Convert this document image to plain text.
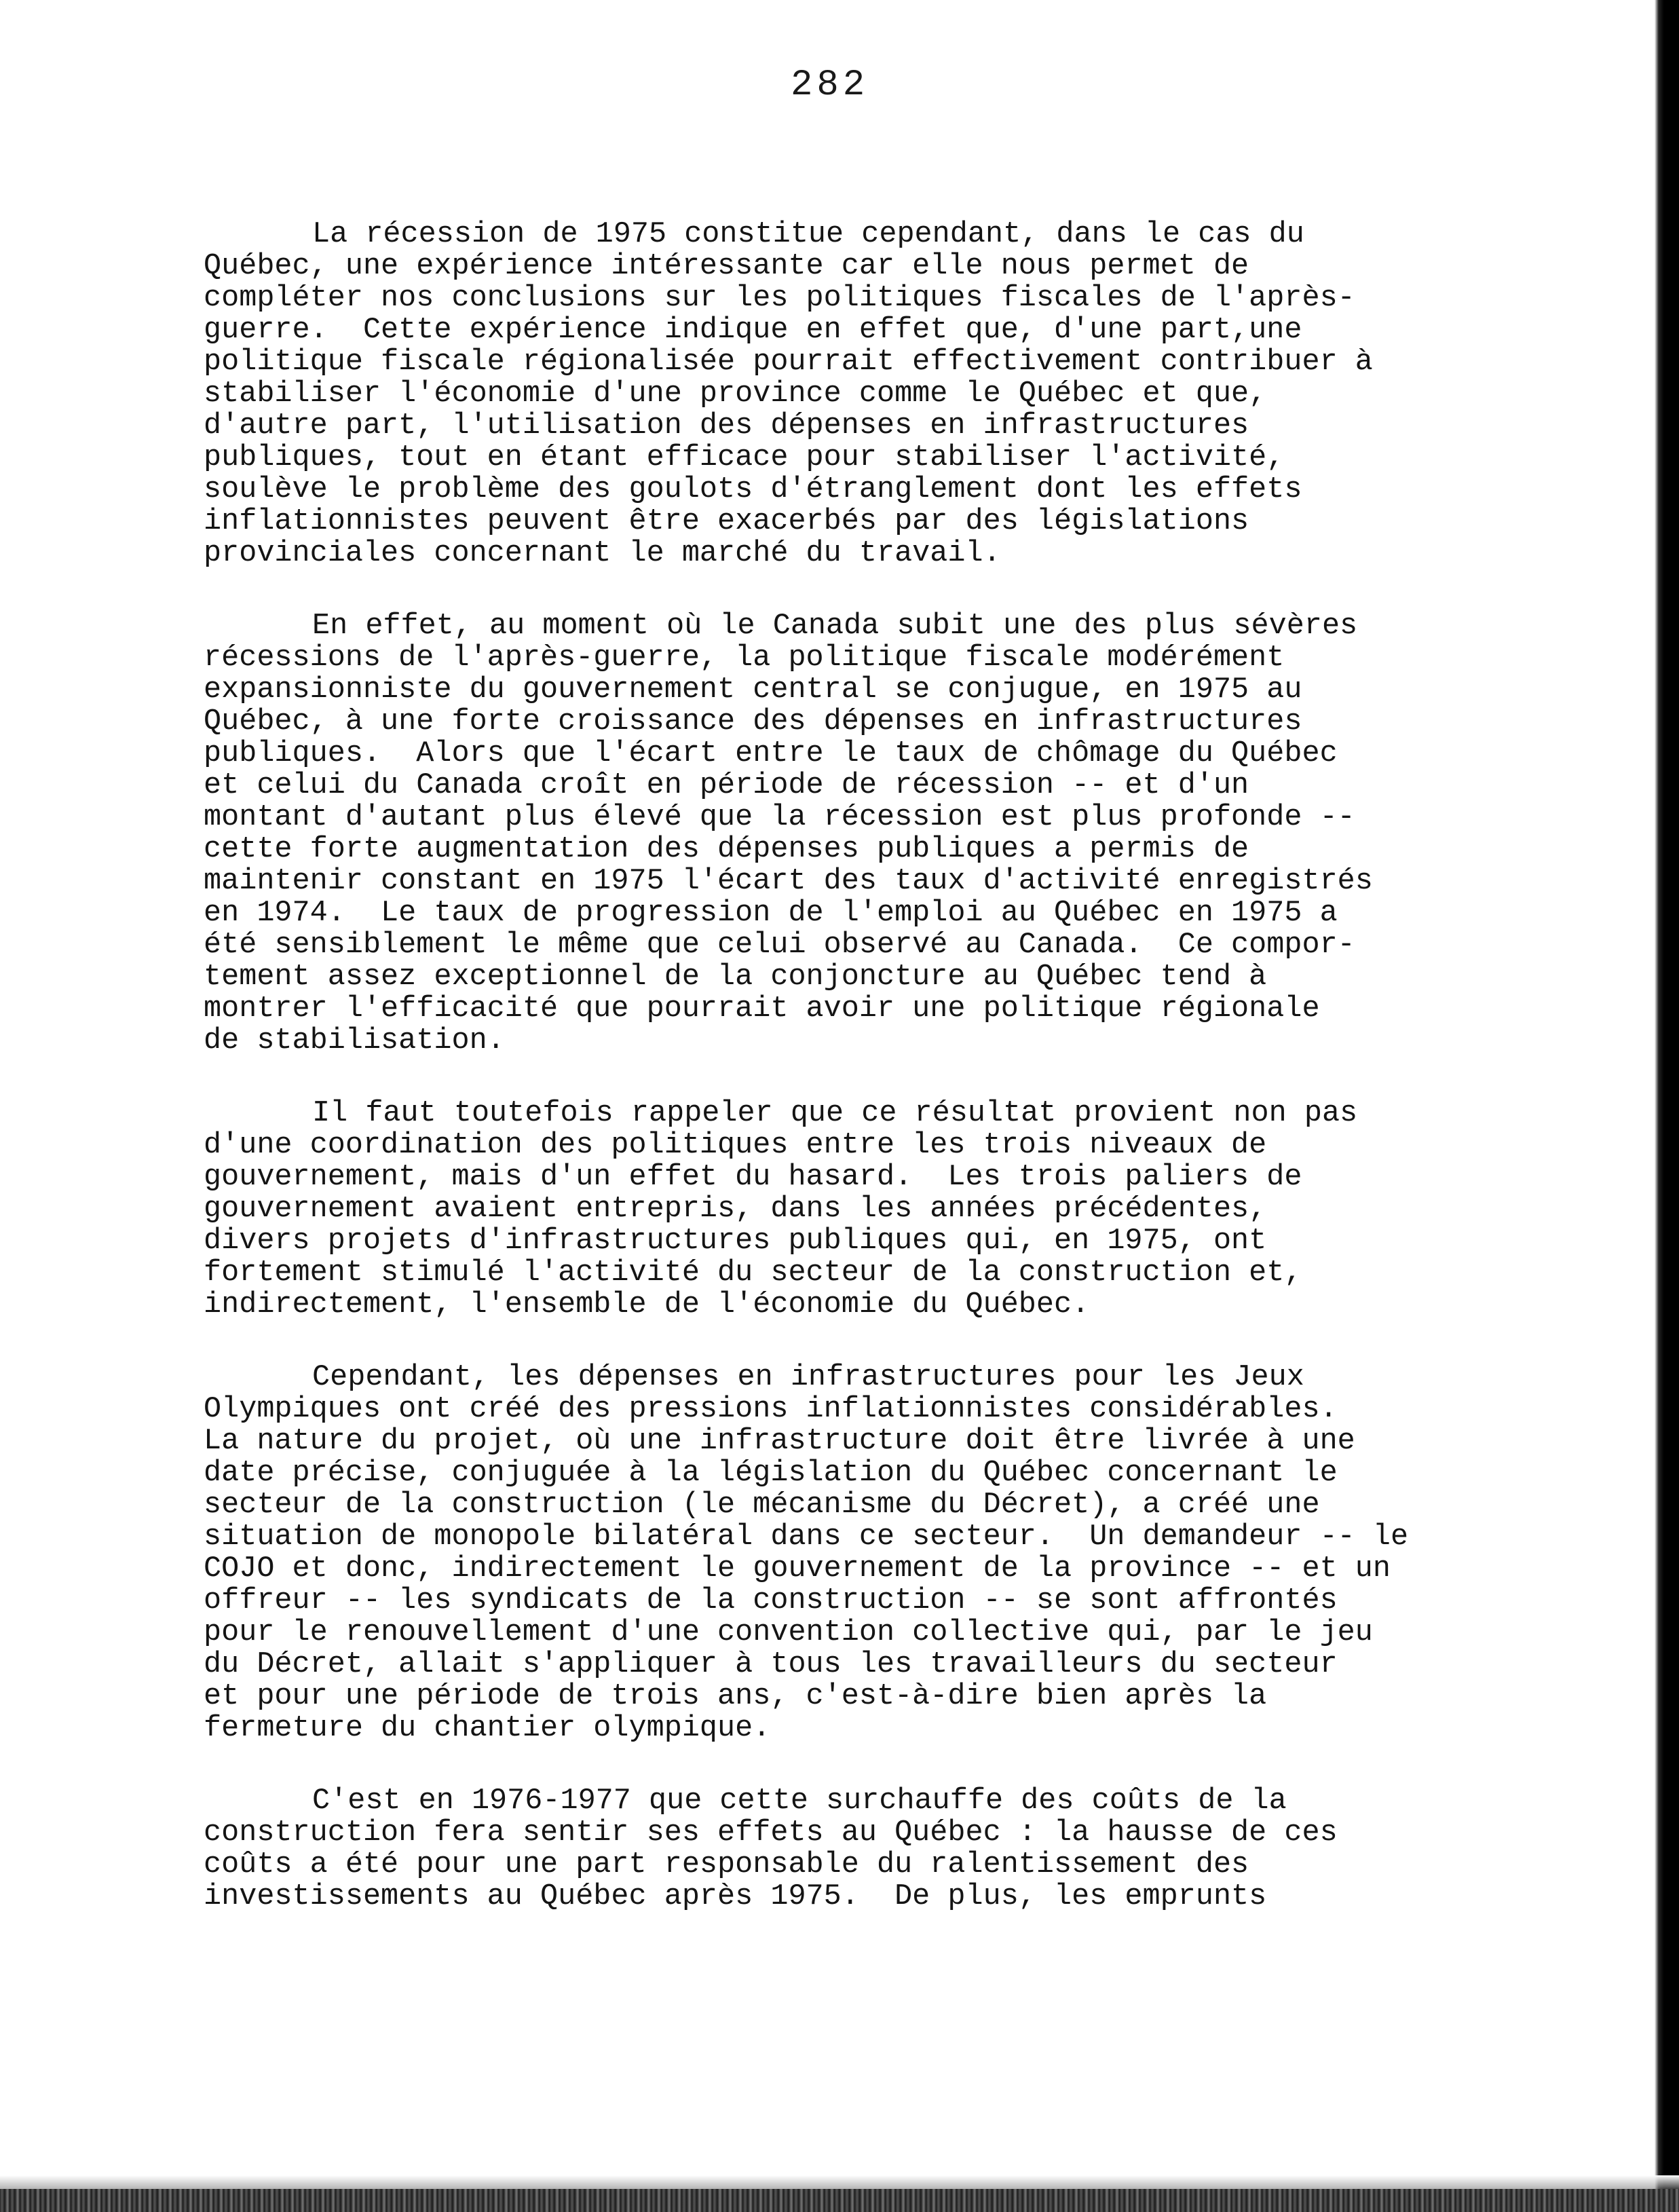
282
La récession de 1975 constitue cependant, dans le cas du
Québec, une expérience intéressante car elle nous permet de
compléter nos conclusions sur les politiques fiscales de l'après-
guerre.  Cette expérience indique en effet que, d'une part,une
politique fiscale régionalisée pourrait effectivement contribuer à
stabiliser l'économie d'une province comme le Québec et que,
d'autre part, l'utilisation des dépenses en infrastructures
publiques, tout en étant efficace pour stabiliser l'activité,
soulève le problème des goulots d'étranglement dont les effets
inflationnistes peuvent être exacerbés par des législations
provinciales concernant le marché du travail.
En effet, au moment où le Canada subit une des plus sévères
récessions de l'après-guerre, la politique fiscale modérément
expansionniste du gouvernement central se conjugue, en 1975 au
Québec, à une forte croissance des dépenses en infrastructures
publiques.  Alors que l'écart entre le taux de chômage du Québec
et celui du Canada croît en période de récession -- et d'un
montant d'autant plus élevé que la récession est plus profonde --
cette forte augmentation des dépenses publiques a permis de
maintenir constant en 1975 l'écart des taux d'activité enregistrés
en 1974.  Le taux de progression de l'emploi au Québec en 1975 a
été sensiblement le même que celui observé au Canada.  Ce compor-
tement assez exceptionnel de la conjoncture au Québec tend à
montrer l'efficacité que pourrait avoir une politique régionale
de stabilisation.
Il faut toutefois rappeler que ce résultat provient non pas
d'une coordination des politiques entre les trois niveaux de
gouvernement, mais d'un effet du hasard.  Les trois paliers de
gouvernement avaient entrepris, dans les années précédentes,
divers projets d'infrastructures publiques qui, en 1975, ont
fortement stimulé l'activité du secteur de la construction et,
indirectement, l'ensemble de l'économie du Québec.
Cependant, les dépenses en infrastructures pour les Jeux
Olympiques ont créé des pressions inflationnistes considérables.
La nature du projet, où une infrastructure doit être livrée à une
date précise, conjuguée à la législation du Québec concernant le
secteur de la construction (le mécanisme du Décret), a créé une
situation de monopole bilatéral dans ce secteur.  Un demandeur -- le
COJO et donc, indirectement le gouvernement de la province -- et un
offreur -- les syndicats de la construction -- se sont affrontés
pour le renouvellement d'une convention collective qui, par le jeu
du Décret, allait s'appliquer à tous les travailleurs du secteur
et pour une période de trois ans, c'est-à-dire bien après la
fermeture du chantier olympique.
C'est en 1976-1977 que cette surchauffe des coûts de la
construction fera sentir ses effets au Québec : la hausse de ces
coûts a été pour une part responsable du ralentissement des
investissements au Québec après 1975.  De plus, les emprunts
